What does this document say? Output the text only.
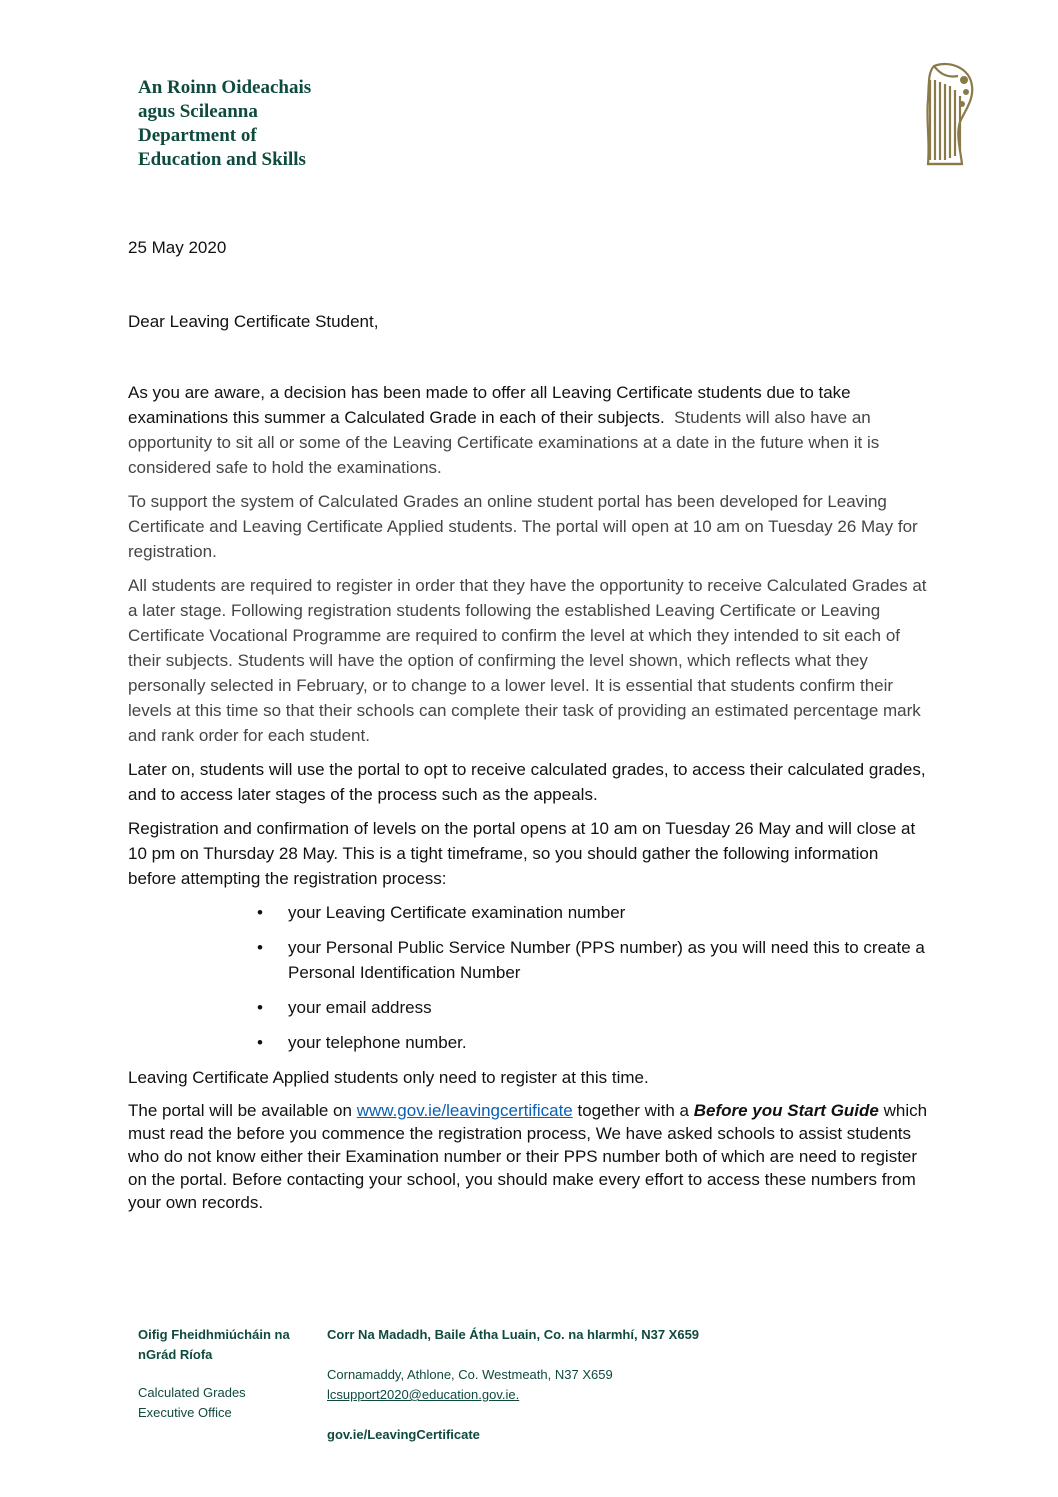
An Roinn Oideachais
agus Scileanna
Department of
Education and Skills
25 May 2020
Dear Leaving Certificate Student,

As you are aware, a decision has been made to offer all Leaving Certificate students due to take examinations this summer a Calculated Grade in each of their subjects. Students will also have an opportunity to sit all or some of the Leaving Certificate examinations at a date in the future when it is considered safe to hold the examinations.

To support the system of Calculated Grades an online student portal has been developed for Leaving Certificate and Leaving Certificate Applied students. The portal will open at 10 am on Tuesday 26 May for registration.

All students are required to register in order that they have the opportunity to receive Calculated Grades at a later stage. Following registration students following the established Leaving Certificate or Leaving Certificate Vocational Programme are required to confirm the level at which they intended to sit each of their subjects. Students will have the option of confirming the level shown, which reflects what they personally selected in February, or to change to a lower level. It is essential that students confirm their levels at this time so that their schools can complete their task of providing an estimated percentage mark and rank order for each student.

Later on, students will use the portal to opt to receive calculated grades, to access their calculated grades, and to access later stages of the process such as the appeals.

Registration and confirmation of levels on the portal opens at 10 am on Tuesday 26 May and will close at 10 pm on Thursday 28 May. This is a tight timeframe, so you should gather the following information before attempting the registration process:

• your Leaving Certificate examination number
• your Personal Public Service Number (PPS number) as you will need this to create a Personal Identification Number
• your email address
• your telephone number.

Leaving Certificate Applied students only need to register at this time.

The portal will be available on www.gov.ie/leavingcertificate together with a Before you Start Guide which must read the before you commence the registration process, We have asked schools to assist students who do not know either their Examination number or their PPS number both of which are need to register on the portal. Before contacting your school, you should make every effort to access these numbers from your own records.

Oifig Fheidhmiúcháin na
nGrád Ríofa
Calculated Grades
Executive Office
Corr Na Madadh, Baile Átha Luain, Co. na hIarmhí, N37 X659
Cornamaddy, Athlone, Co. Westmeath, N37 X659
lcsupport2020@education.gov.ie.
gov.ie/LeavingCertificate
